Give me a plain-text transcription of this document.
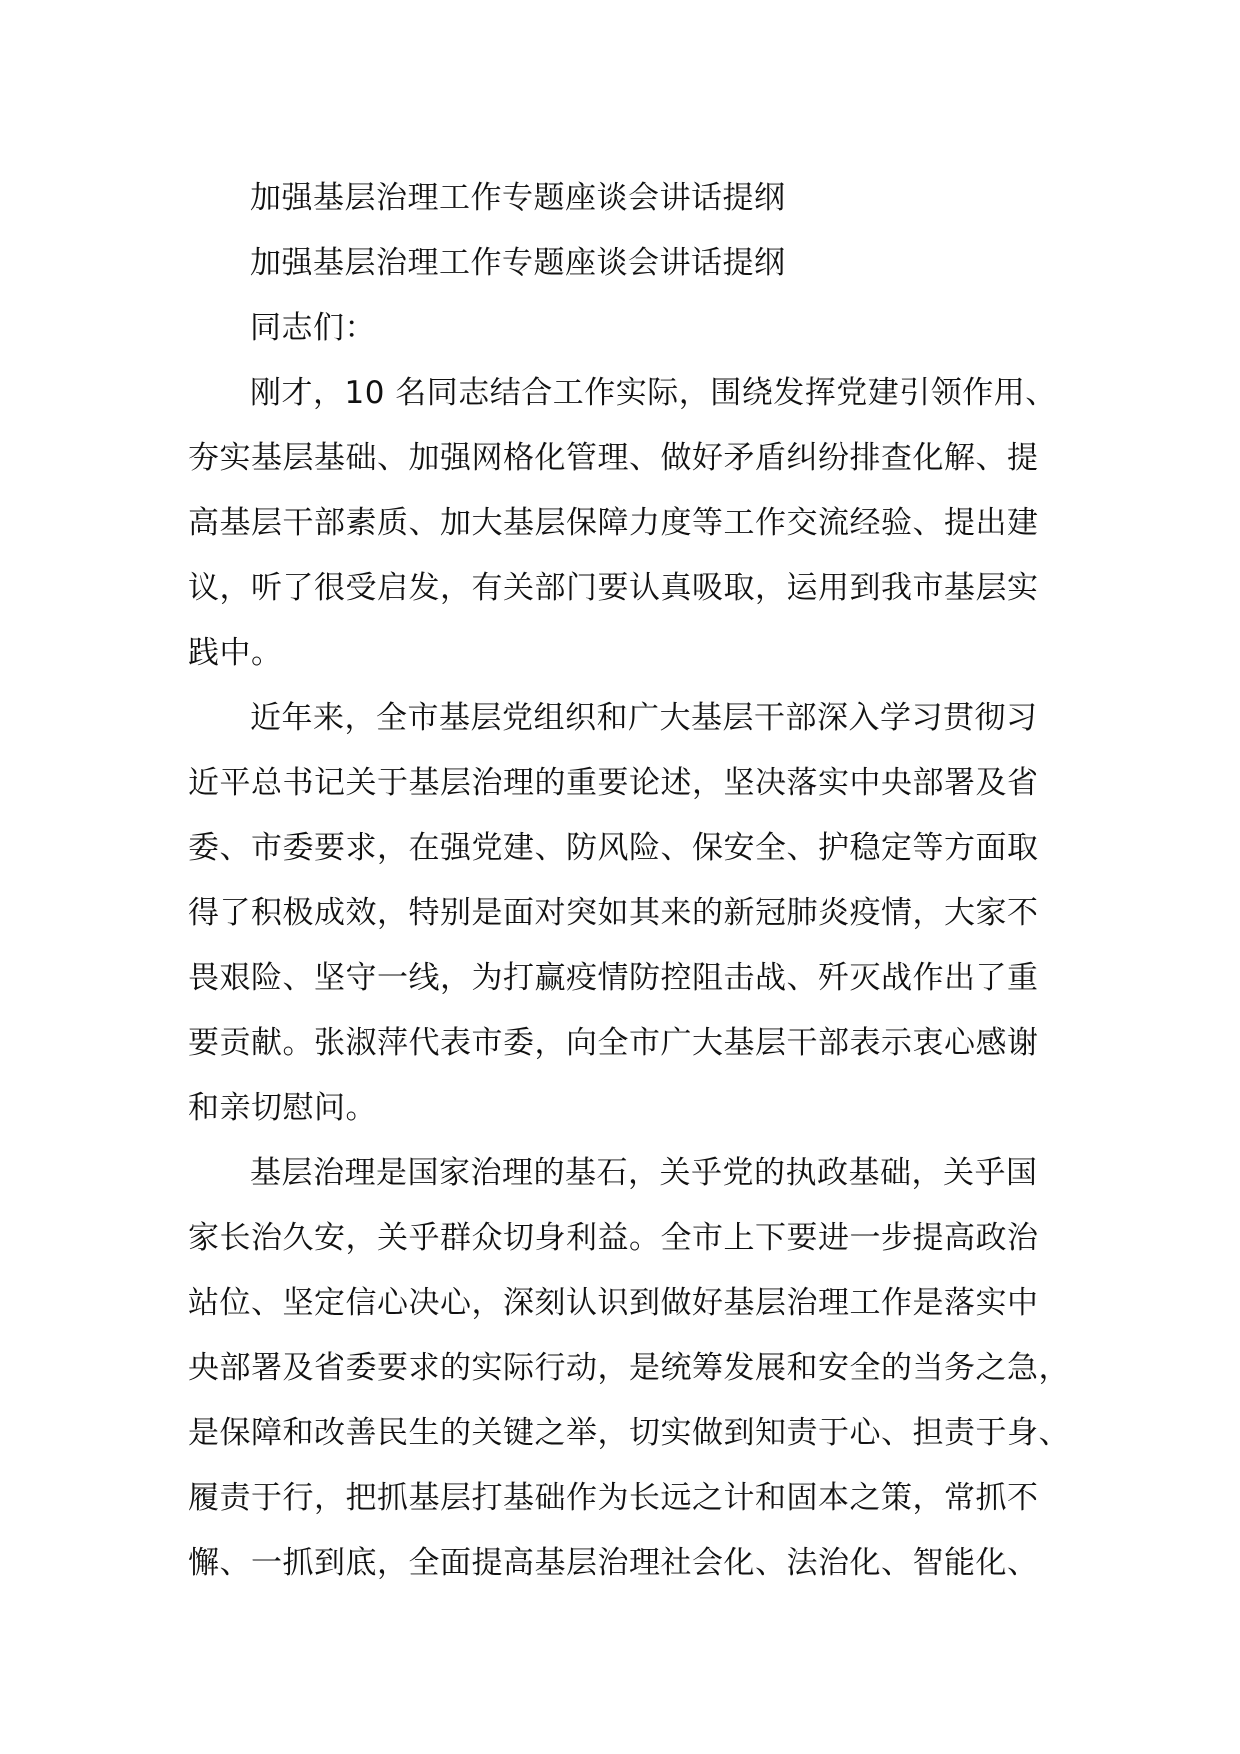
加强基层治理工作专题座谈会讲话提纲
加强基层治理工作专题座谈会讲话提纲
同志们：
刚才，10 名同志结合工作实际，围绕发挥党建引领作用、
夯实基层基础、加强网格化管理、做好矛盾纠纷排查化解、提
高基层干部素质、加大基层保障力度等工作交流经验、提出建
议，听了很受启发，有关部门要认真吸取，运用到我市基层实
践中。
近年来，全市基层党组织和广大基层干部深入学习贯彻习
近平总书记关于基层治理的重要论述，坚决落实中央部署及省
委、市委要求，在强党建、防风险、保安全、护稳定等方面取
得了积极成效，特别是面对突如其来的新冠肺炎疫情，大家不
畏艰险、坚守一线，为打赢疫情防控阻击战、歼灭战作出了重
要贡献。张淑萍代表市委，向全市广大基层干部表示衷心感谢
和亲切慰问。
基层治理是国家治理的基石，关乎党的执政基础，关乎国
家长治久安，关乎群众切身利益。全市上下要进一步提高政治
站位、坚定信心决心，深刻认识到做好基层治理工作是落实中
央部署及省委要求的实际行动，是统筹发展和安全的当务之急，
是保障和改善民生的关键之举，切实做到知责于心、担责于身、
履责于行，把抓基层打基础作为长远之计和固本之策，常抓不
懈、一抓到底，全面提高基层治理社会化、法治化、智能化、
